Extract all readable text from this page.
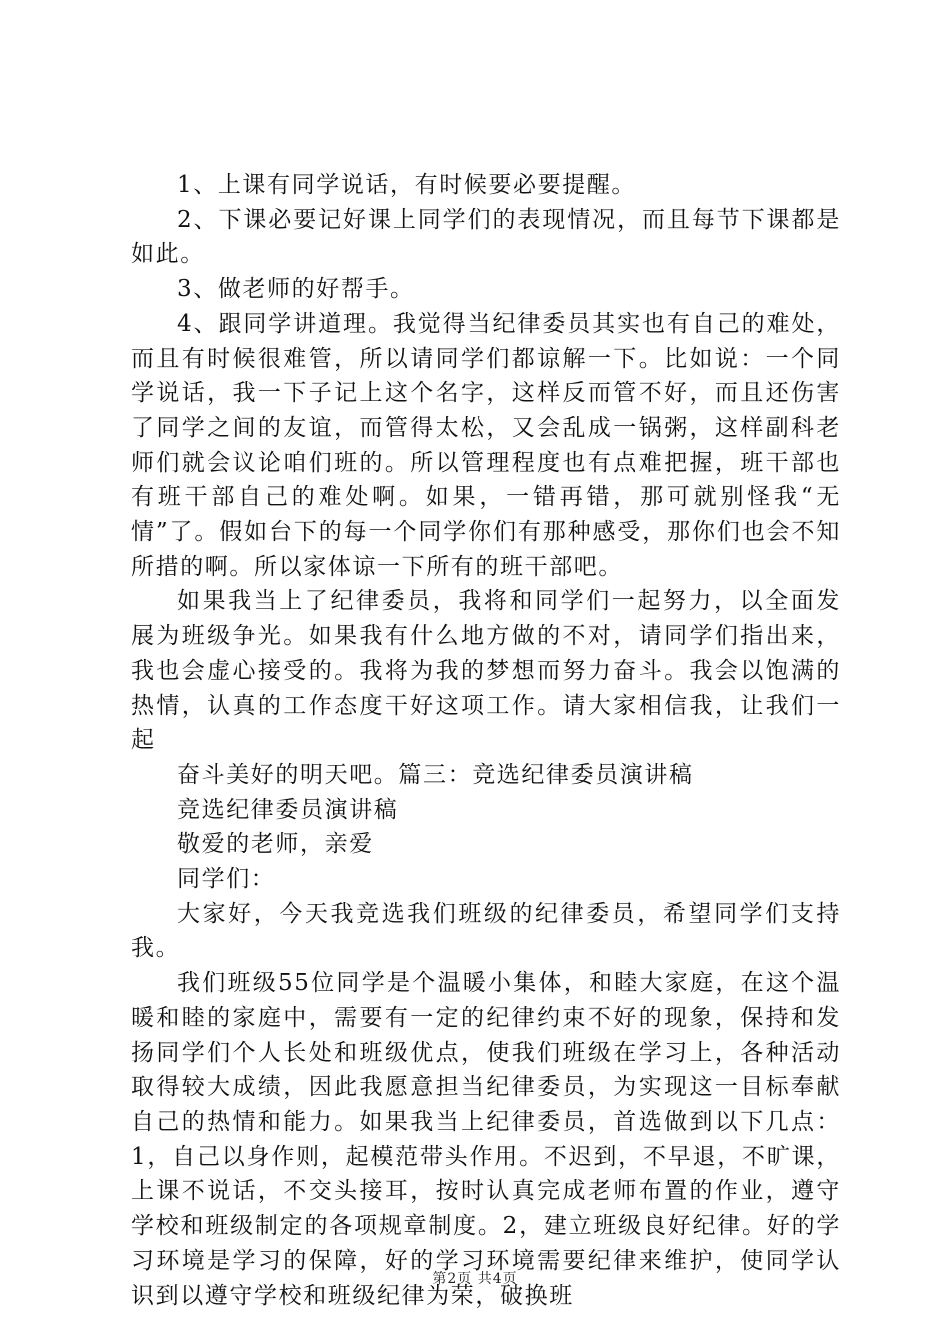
1、上课有同学说话，有时候要必要提醒。

2、下课必要记好课上同学们的表现情况，而且每节下课都是如此。

3、做老师的好帮手。

4、跟同学讲道理。我觉得当纪律委员其实也有自己的难处，而且有时候很难管，所以请同学们都谅解一下。比如说：一个同学说话，我一下子记上这个名字，这样反而管不好，而且还伤害了同学之间的友谊，而管得太松，又会乱成一锅粥，这样副科老师们就会议论咱们班的。所以管理程度也有点难把握，班干部也有班干部自己的难处啊。如果，一错再错，那可就别怪我“无情”了。假如台下的每一个同学你们有那种感受，那你们也会不知所措的啊。所以家体谅一下所有的班干部吧。

如果我当上了纪律委员，我将和同学们一起努力，以全面发展为班级争光。如果我有什么地方做的不对，请同学们指出来，我也会虚心接受的。我将为我的梦想而努力奋斗。我会以饱满的热情，认真的工作态度干好这项工作。请大家相信我，让我们一起

奋斗美好的明天吧。篇三：竞选纪律委员演讲稿

竞选纪律委员演讲稿

敬爱的老师，亲爱

同学们：

大家好，今天我竞选我们班级的纪律委员，希望同学们支持我。

我们班级55位同学是个温暖小集体，和睦大家庭，在这个温暖和睦的家庭中，需要有一定的纪律约束不好的现象，保持和发扬同学们个人长处和班级优点，使我们班级在学习上，各种活动取得较大成绩，因此我愿意担当纪律委员，为实现这一目标奉献自己的热情和能力。如果我当上纪律委员，首选做到以下几点：1，自己以身作则，起模范带头作用。不迟到，不早退，不旷课，上课不说话，不交头接耳，按时认真完成老师布置的作业，遵守学校和班级制定的各项规章制度。2，建立班级良好纪律。好的学习环境是学习的保障，好的学习环境需要纪律来维护，使同学认识到以遵守学校和班级纪律为荣，破换班

第2页 共4页
